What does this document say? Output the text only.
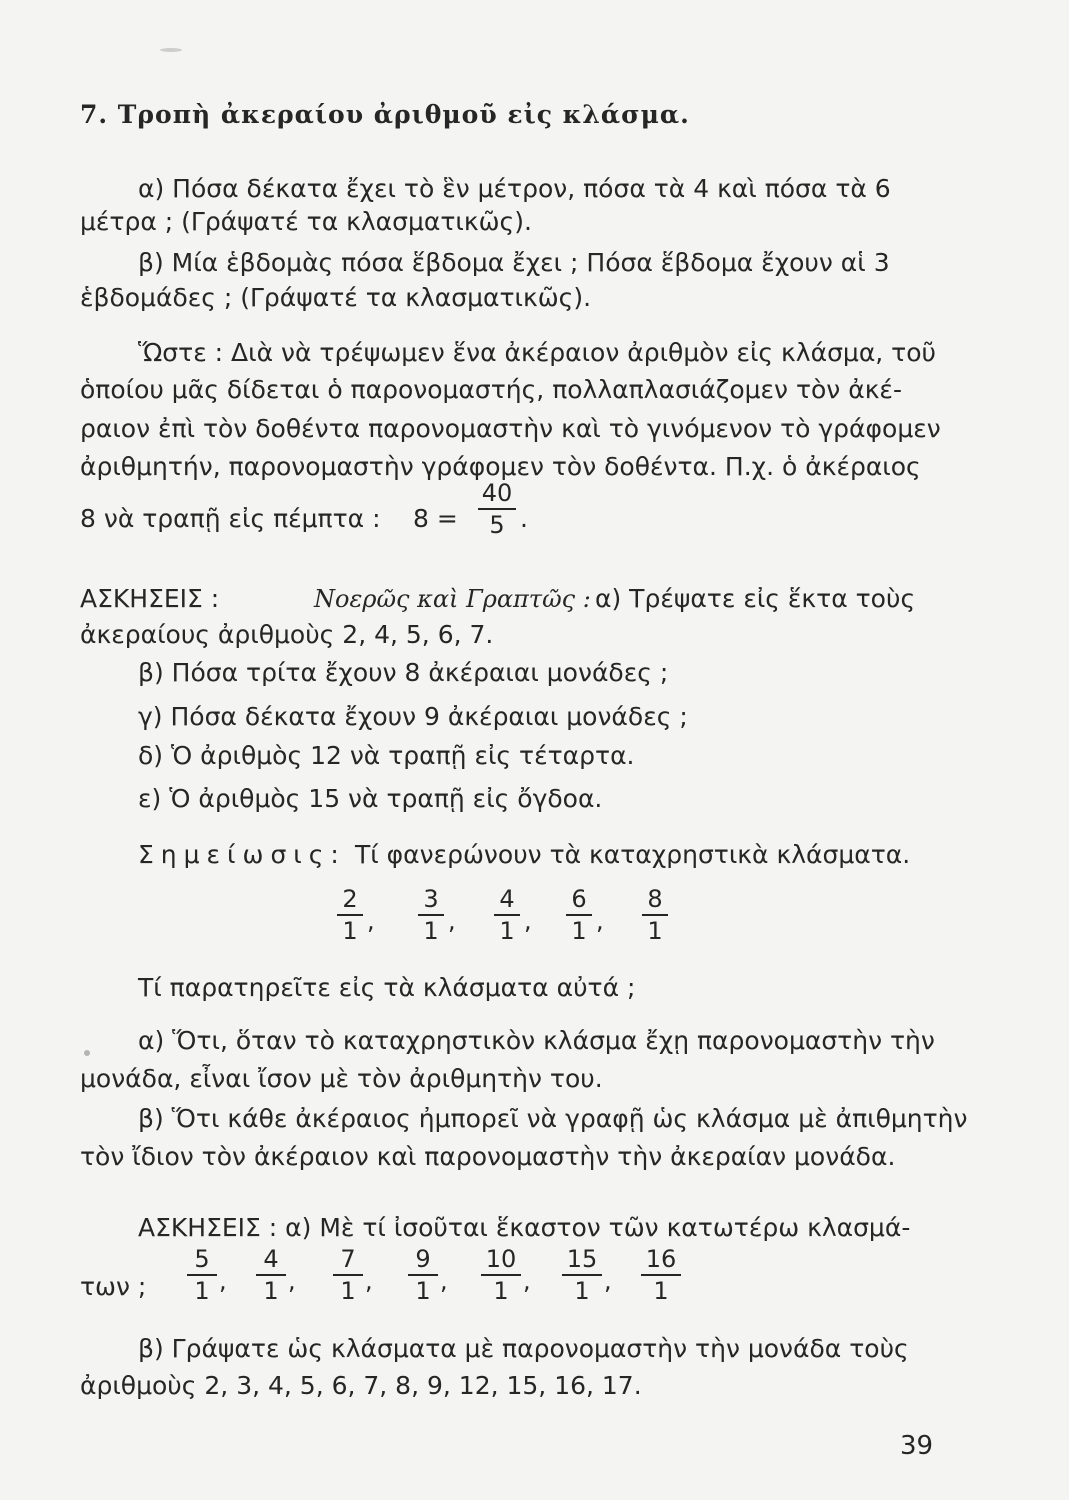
7. Τροπὴ ἀκεραίου ἀριθμοῦ εἰς κλάσμα.
α) Πόσα δέκατα ἔχει τὸ ἓν μέτρον, πόσα τὰ 4 καὶ πόσα τὰ 6
μέτρα ; (Γράψατέ τα κλασματικῶς).
β) Μία ἑβδομὰς πόσα ἕβδομα ἔχει ; Πόσα ἕβδομα ἔχουν αἱ 3
ἑβδομάδες ; (Γράψατέ τα κλασματικῶς).
Ὥστε : Διὰ νὰ τρέψωμεν ἕνα ἀκέραιον ἀριθμὸν εἰς κλάσμα, τοῦ
ὁποίου μᾶς δίδεται ὁ παρονομαστής, πολλαπλασιάζομεν τὸν ἀκέ-
ραιον ἐπὶ τὸν δοθέντα παρονομαστὴν καὶ τὸ γινόμενον τὸ γράφομεν
ἀριθμητήν, παρονομαστὴν γράφομεν τὸν δοθέντα. Π.χ. ὁ ἀκέραιος
8 νὰ τραπῇ εἰς πέμπτα : 8 =
40
5 .
ΑΣΚΗΣΕΙΣ :	Νοερῶς καὶ Γραπτῶς : α) Τρέψατε εἰς ἕκτα τοὺς
ἀκεραίους ἀριθμοὺς 2, 4, 5, 6, 7.
β) Πόσα τρίτα ἔχουν 8 ἀκέραιαι μονάδες ;
γ) Πόσα δέκατα ἔχουν 9 ἀκέραιαι μονάδες ;
δ) Ὁ ἀριθμὸς 12 νὰ τραπῇ εἰς τέταρτα.
ε) Ὁ ἀριθμὸς 15 νὰ τραπῇ εἰς ὄγδοα.
Σημείωσις: Τί φανερώνουν τὰ καταχρηστικὰ κλάσματα.
2
1 ,
3
1 ,
4
1 ,
6
1 ,
8
1
Τί παρατηρεῖτε εἰς τὰ κλάσματα αὐτά ;
α) Ὅτι, ὅταν τὸ καταχρηστικὸν κλάσμα ἔχῃ παρονομαστὴν τὴν
μονάδα, εἶναι ἴσον μὲ τὸν ἀριθμητὴν του.
β) Ὅτι κάθε ἀκέραιος ἠμπορεῖ νὰ γραφῇ ὡς κλάσμα μὲ ἀπιθμητὴν
τὸν ἴδιον τὸν ἀκέραιον καὶ παρονομαστὴν τὴν ἀκεραίαν μονάδα.
ΑΣΚΗΣΕΙΣ : α) Μὲ τί ἰσοῦται ἕκαστον τῶν κατωτέρω κλασμά-
των ;
5
1 ,
4
1 ,
7
1 ,
9
1 ,
10
1 ,
15
1 ,
16
1
β) Γράψατε ὡς κλάσματα μὲ παρονομαστὴν τὴν μονάδα τοὺς
ἀριθμοὺς 2, 3, 4, 5, 6, 7, 8, 9, 12, 15, 16, 17.
39
